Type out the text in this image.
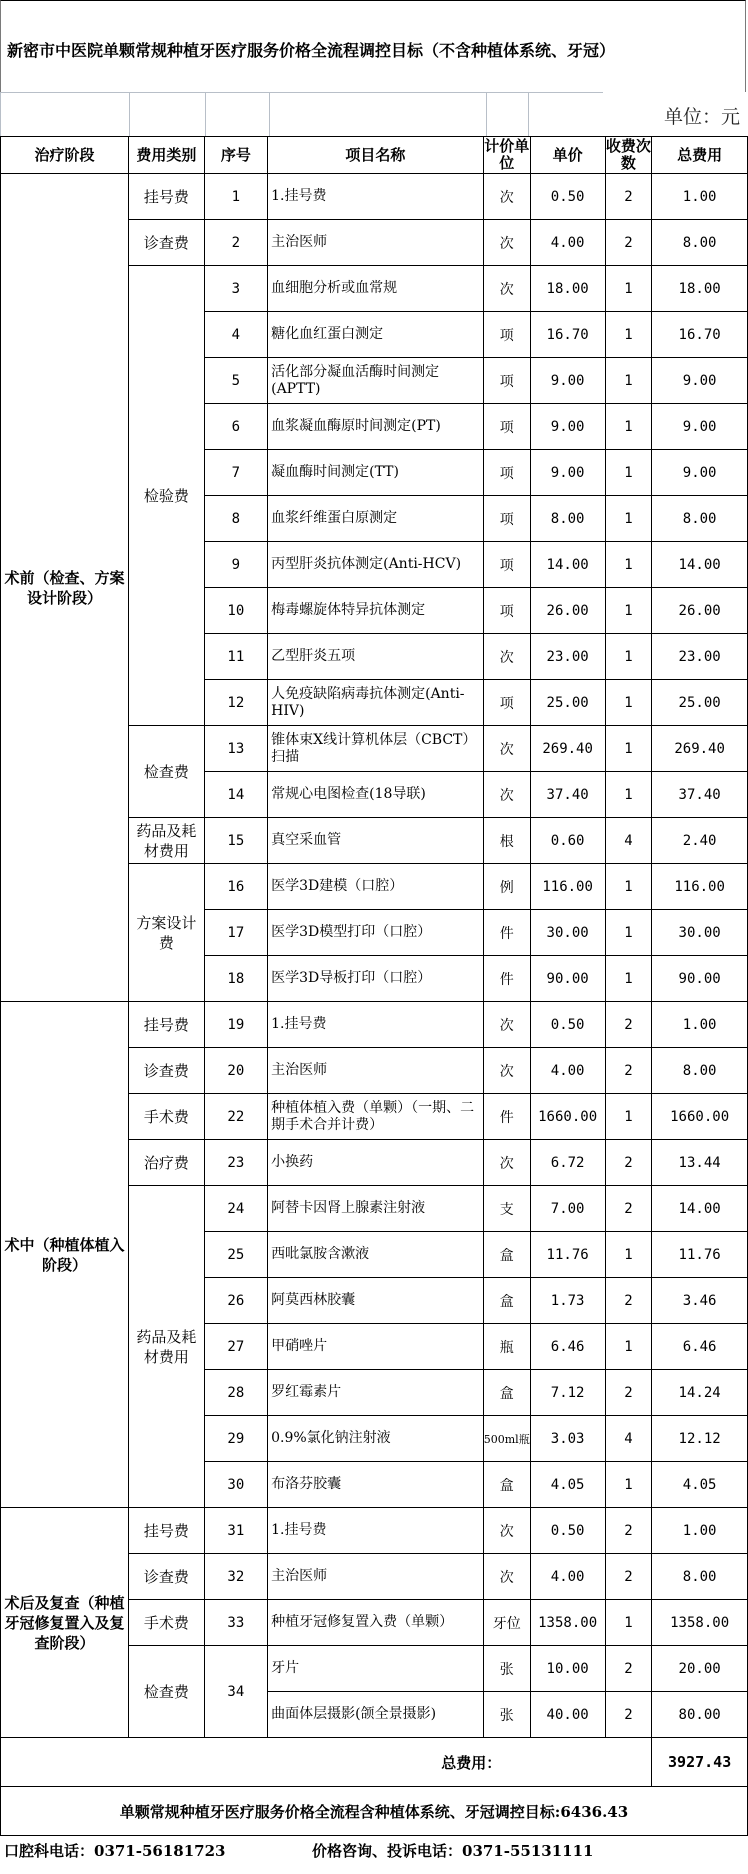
新密市中医院单颗常规种植牙医疗服务价格全流程调控目标（不含种植体系统、牙冠）
单位：元
治疗阶段	费用类别	序号	项目名称	计价单位	单价	收费次数	总费用
术前（检查、方案设计阶段）	挂号费	1	1.挂号费	次	0.50	2	1.00
	诊查费	2	主治医师	次	4.00	2	8.00
	检验费	3	血细胞分析或血常规	次	18.00	1	18.00
		4	糖化血红蛋白测定	项	16.70	1	16.70
		5	活化部分凝血活酶时间测定(APTT)	项	9.00	1	9.00
		6	血浆凝血酶原时间测定(PT)	项	9.00	1	9.00
		7	凝血酶时间测定(TT)	项	9.00	1	9.00
		8	血浆纤维蛋白原测定	项	8.00	1	8.00
		9	丙型肝炎抗体测定(Anti-HCV)	项	14.00	1	14.00
		10	梅毒螺旋体特异抗体测定	项	26.00	1	26.00
		11	乙型肝炎五项	次	23.00	1	23.00
		12	人免疫缺陷病毒抗体测定(Anti-HIV)	项	25.00	1	25.00
	检查费	13	锥体束X线计算机体层（CBCT）扫描	次	269.40	1	269.40
		14	常规心电图检查(18导联)	次	37.40	1	37.40
	药品及耗材费用	15	真空采血管	根	0.60	4	2.40
	方案设计费	16	医学3D建模（口腔）	例	116.00	1	116.00
		17	医学3D模型打印（口腔）	件	30.00	1	30.00
		18	医学3D导板打印（口腔）	件	90.00	1	90.00
术中（种植体植入阶段）	挂号费	19	1.挂号费	次	0.50	2	1.00
	诊查费	20	主治医师	次	4.00	2	8.00
	手术费	22	种植体植入费（单颗）（一期、二期手术合并计费）	件	1660.00	1	1660.00
	治疗费	23	小换药	次	6.72	2	13.44
	药品及耗材费用	24	阿替卡因肾上腺素注射液	支	7.00	2	14.00
		25	西吡氯胺含漱液	盒	11.76	1	11.76
		26	阿莫西林胶囊	盒	1.73	2	3.46
		27	甲硝唑片	瓶	6.46	1	6.46
		28	罗红霉素片	盒	7.12	2	14.24
		29	0.9%氯化钠注射液	500ml瓶	3.03	4	12.12
		30	布洛芬胶囊	盒	4.05	1	4.05
术后及复查（种植牙冠修复置入及复查阶段）	挂号费	31	1.挂号费	次	0.50	2	1.00
	诊查费	32	主治医师	次	4.00	2	8.00
	手术费	33	种植牙冠修复置入费（单颗）	牙位	1358.00	1	1358.00
	检查费	34	牙片	张	10.00	2	20.00
			曲面体层摄影(颌全景摄影)	张	40.00	2	80.00
总费用：							3927.43
单颗常规种植牙医疗服务价格全流程含种植体系统、牙冠调控目标:6436.43							
口腔科电话：0371-56181723	价格咨询、投诉电话：0371-55131111
